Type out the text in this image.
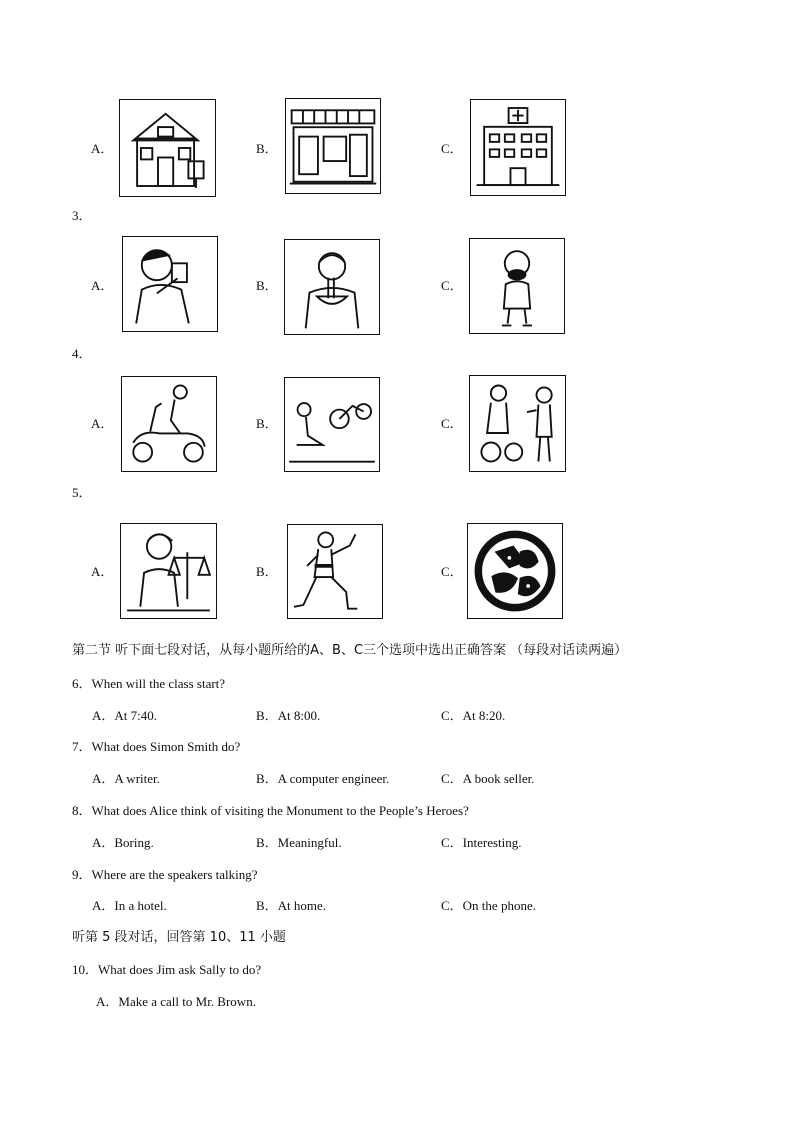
A．	B．	C．
3．
A．	B．	C．
4．
A．	B．	C．
5．
A．	B．	C．
第二节 听下面七段对话，从每小题所给的A、B、C三个选项中选出正确答案 （每段对话读两遍）
6．When will the class start?
A．At 7:40.	B．At 8:00.	C．At 8:20.
7．What does Simon Smith do?
A．A writer.	B．A computer engineer.	C．A book seller.
8．What does Alice think of visiting the Monument to the People’s Heroes?
A．Boring.	B．Meaningful.	C．Interesting.
9．Where are the speakers talking?
A．In a hotel.	B．At home.	C．On the phone.
听第 5 段对话，回答第 10、11 小题
10．What does Jim ask Sally to do?
A．Make a call to Mr. Brown.
